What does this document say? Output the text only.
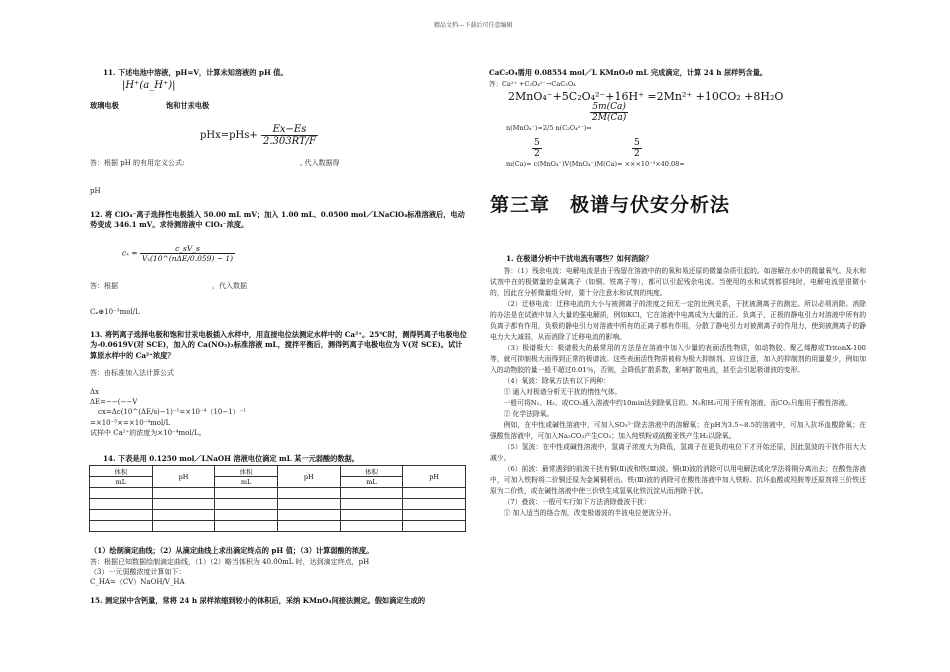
精品文档---下载后可任意编辑
11. 下述电池中溶液，pH=V，计算未知溶液的 pH 值。
|H⁺(a_H⁺)|
玻璃电极	饱和甘汞电极
$pHx=pHs+ \frac{Ex-Es}{2.303RT/F}$
答：根据 pH 的有用定义公式:	, 代入数据得
pH
12. 将 ClO₄⁻离子选择性电极插入 50.00 mL mV；加入 1.00 mL、0.0500 mol／LNaClO₄标准溶液后，电动势变成 346.1 mV。求待测溶液中 ClO₄⁻浓度。
$c_x = \frac{c\_sV\_s}{\text{Vₓ(10\textasciicircum{}(nΔE/0.059) − 1)}}$
答：根据	，代入数据
Cₓ⊕10⁻³mol/L
13. 将钙离子选择电极和饱和甘汞电极插入水样中，用直接电位法测定水样中的 Ca²⁺。25℃时，测得钙离子电极电位为-0.0619V(对 SCE)，加入的 Ca(NO₃)₂标准溶液 mL，搅拌平衡后，测得钙离子电极电位为 V(对 SCE)。试计算原水样中的 Ca²⁺浓度？
答：由标准加入法计算公式
Δx
ΔE=−−(−−V
cx=Δc(10^(ΔE/s)−1)⁻¹=×10⁻⁴（10−1）⁻¹
=×10⁻⁵×=×10⁻⁴mol/L
试样中 Ca²⁺的浓度为×10⁻⁴mol/L。
14. 下表是用 0.1250 mol／LNaOH 溶液电位滴定 mL 某一元弱酸的数据。
体积	pH	体积	pH	体积	pH
mL		mL		mL	

（1）绘制滴定曲线；（2）从滴定曲线上求出滴定终点的 pH 值；（3）计算弱酸的浓度。
答：根据已知数据绘制滴定曲线，（1）（2）略当体积为 40.00mL 时，达到滴定终点，pH
（3）一元弱酸浓度计算如下：
C_HA=（CV）NaOH/V_HA
15. 测定尿中含钙量，常将 24 h 尿样浓缩到较小的体积后，采纳 KMnO₄间接法测定。假如滴定生成的
CaC₂O₄需用 0.08554 mol／L KMnO₄0 mL 完成滴定，计算 24 h 尿样钙含量。
答：Ca²⁺ +C₂O₄²⁻→CaC₂O₄
2MnO₄⁻+5C₂O₄²⁻+16H⁺ =2Mn²⁺ +10CO₂ +8H₂O
$\frac{5m(Ca)}{2M(Ca)}$
n(MnO₄⁻)=2/5 n(C₂O₄²⁻)=
$\frac{5}{2}$	$\frac{5}{2}$
m(Ca)= c(MnO₄⁻)V(MnO₄⁻)M(Ca)= ×××10⁻³×40.08=
第三章　极谱与伏安分析法
1. 在极谱分析中干扰电流有哪些？如何消除？
答：（1）残余电流：电解电流是由于残留在溶液中的的氧和易还原的微量杂质引起的。如溶解在水中的微量氧气、及水和试剂中在的极微量的金属离子（如铜、铁离子等），都可以引起残余电流。当使用的水和试剂都很纯时，电解电流是很微小的，因此在分析微量组分时，要十分注意水和试剂的纯度。
（2）迁移电流：迁移电流的大小与被测离子的浓度之间无一定的比例关系，干扰被测离子的测定。所以必须消除。消除的办法是在试液中加入大量的强电解质，例如KCl，它在溶液中电离成为大量的正、负离子，正极的静电引力对溶液中所有的负离子都有作用，负极的静电引力对溶液中所有的正离子都有作用，分散了静电引力对被测离子的作用力，使到被测离子的静电力大大减弱，从而消除了迁移电流的影响。
（3）极谱极大：极谱极大的最常用的方法是在溶液中加入少量的表面活性物质，如动物胶、聚乙烯醇或TritonX-100等，就可抑制极大而得到正常的极谱波。这些表面活性物质被称为极大抑制剂。应该注意，加入的抑制剂的用量要少，例如加入的动物胶的量一般不超过0.01％，否则，会降低扩散系数，影响扩散电流，甚至会引起极谱波的变形。
（4）氧波：除氧方法有以下两种：
① 通入对极谱分析无干扰的惰性气体。
一般可将N₂、H₂、或CO₂通入溶液中约10min达到除氧目的。N₂和H₂可用于所有溶液，而CO₂只能用于酸性溶液。
② 化学法除氧。
例如，在中性或碱性溶液中，可加入SO₃²⁻除去溶液中的溶解氧；在pH为3.5~8.5的溶液中，可加入抗坏血酸除氧；在强酸性溶液中，可加入Na₂CO₃产生CO₂；加入纯铁粉或硫酸亚铁产生H₂以除氧。
（5）氢波：在中性或碱性溶液中，氢离子浓度大为降低，氢离子在更负的电位下才开始还原，因此氢波的干扰作用大大减少。
（6）前波：最常遇到的前波干扰有铜(Ⅱ)波和铁(Ⅲ)波。铜(Ⅱ)波的消除可以用电解法或化学法将铜分离出去；在酸性溶液中，可加入铁粉将二价铜还原为金属铜析出。铁(Ⅲ)波的消除可在酸性溶液中加入铁粉、抗坏血酸或羟胺等还原剂将三价铁还原为二价铁，或在碱性溶液中使三价铁生成氢氧化铁沉淀从而消除干扰。
（7）叠波：一般可实行如下方法消除叠波干扰：
① 加入适当的络合剂，改变极谱波的半波电位使波分开。
